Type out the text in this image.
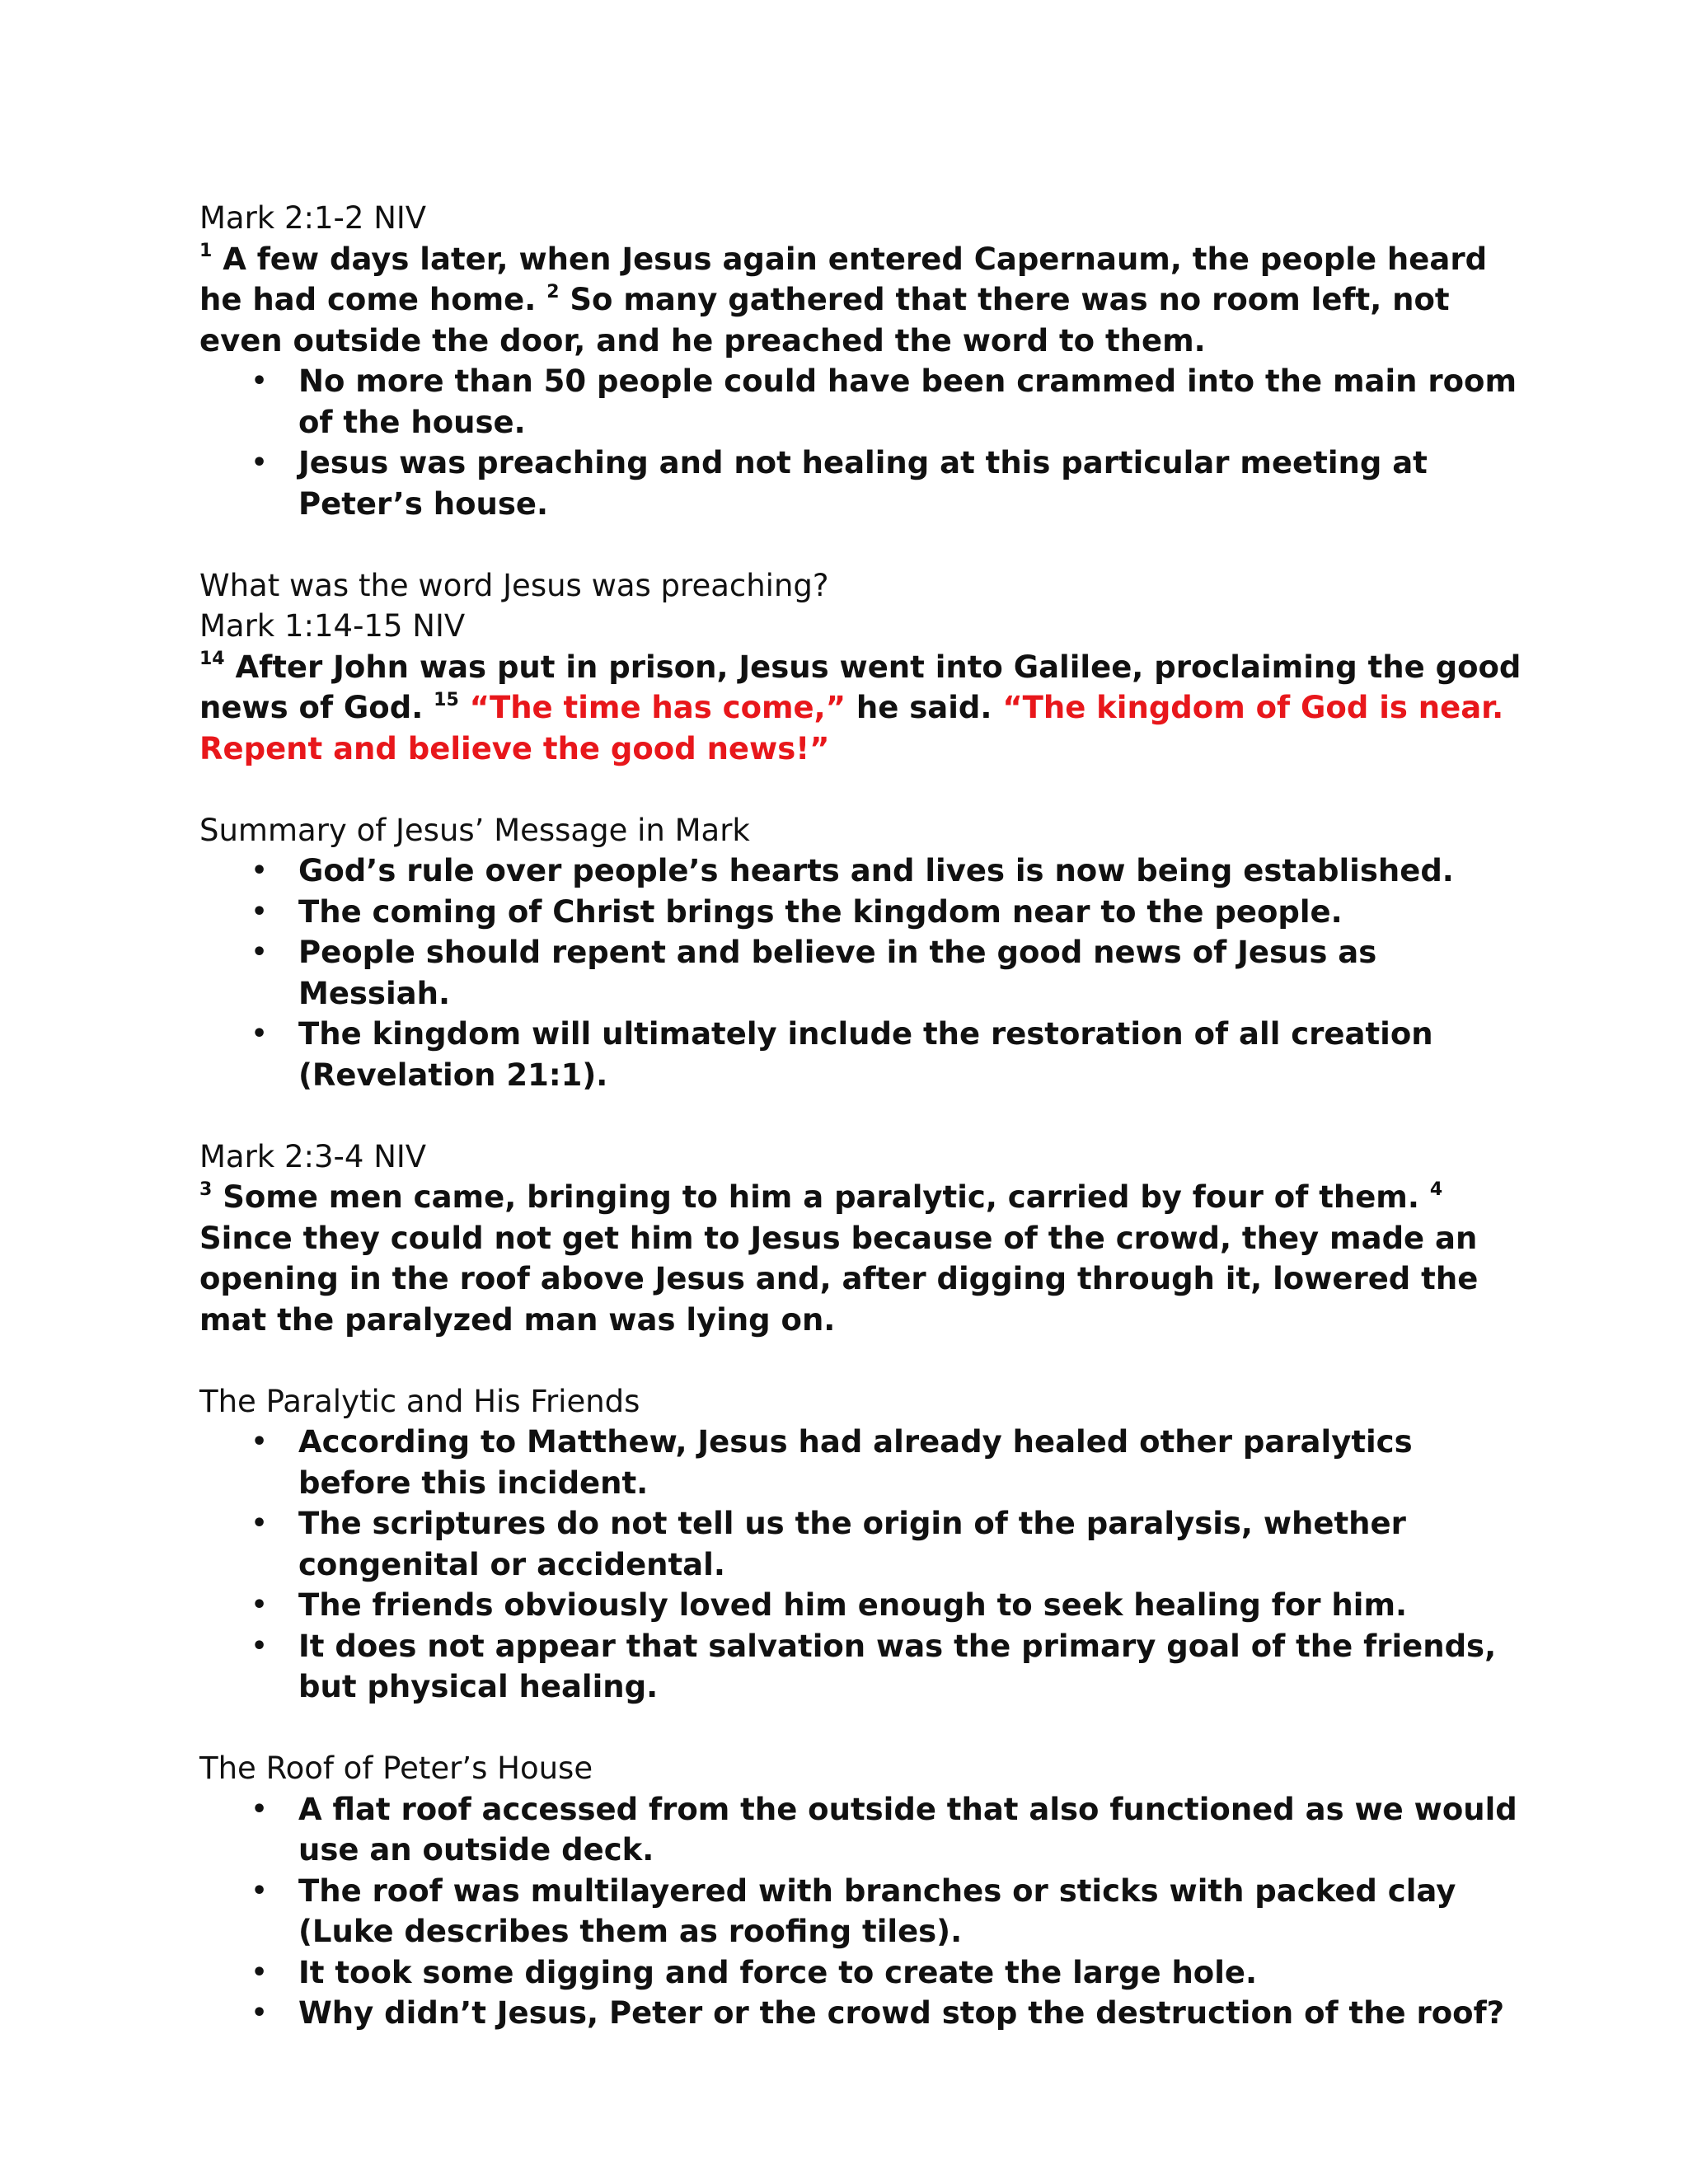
Mark 2:1-2 NIV

$^1$ A few days later, when Jesus again entered Capernaum, the people heard he had come home. $^2$ So many gathered that there was no room left, not even outside the door, and he preached the word to them.

• No more than 50 people could have been crammed into the main room of the house.
• Jesus was preaching and not healing at this particular meeting at Peter’s house.
What was the word Jesus was preaching?
Mark 1:14-15 NIV

$^{14}$ After John was put in prison, Jesus went into Galilee, proclaiming the good news of God. $^{15}$ “The time has come,” he said. “The kingdom of God is near. Repent and believe the good news!”

Summary of Jesus’ Message in Mark
• God’s rule over people’s hearts and lives is now being established.
• The coming of Christ brings the kingdom near to the people.
• People should repent and believe in the good news of Jesus as Messiah.
• The kingdom will ultimately include the restoration of all creation (Revelation 21:1).
Mark 2:3-4 NIV

$^3$ Some men came, bringing to him a paralytic, carried by four of them. $^4$ Since they could not get him to Jesus because of the crowd, they made an opening in the roof above Jesus and, after digging through it, lowered the mat the paralyzed man was lying on.

The Paralytic and His Friends
• According to Matthew, Jesus had already healed other paralytics before this incident.
• The scriptures do not tell us the origin of the paralysis, whether congenital or accidental.
• The friends obviously loved him enough to seek healing for him.
• It does not appear that salvation was the primary goal of the friends, but physical healing.
The Roof of Peter’s House
• A flat roof accessed from the outside that also functioned as we would use an outside deck.
• The roof was multilayered with branches or sticks with packed clay (Luke describes them as roofing tiles).
• It took some digging and force to create the large hole.
• Why didn’t Jesus, Peter or the crowd stop the destruction of the roof?
